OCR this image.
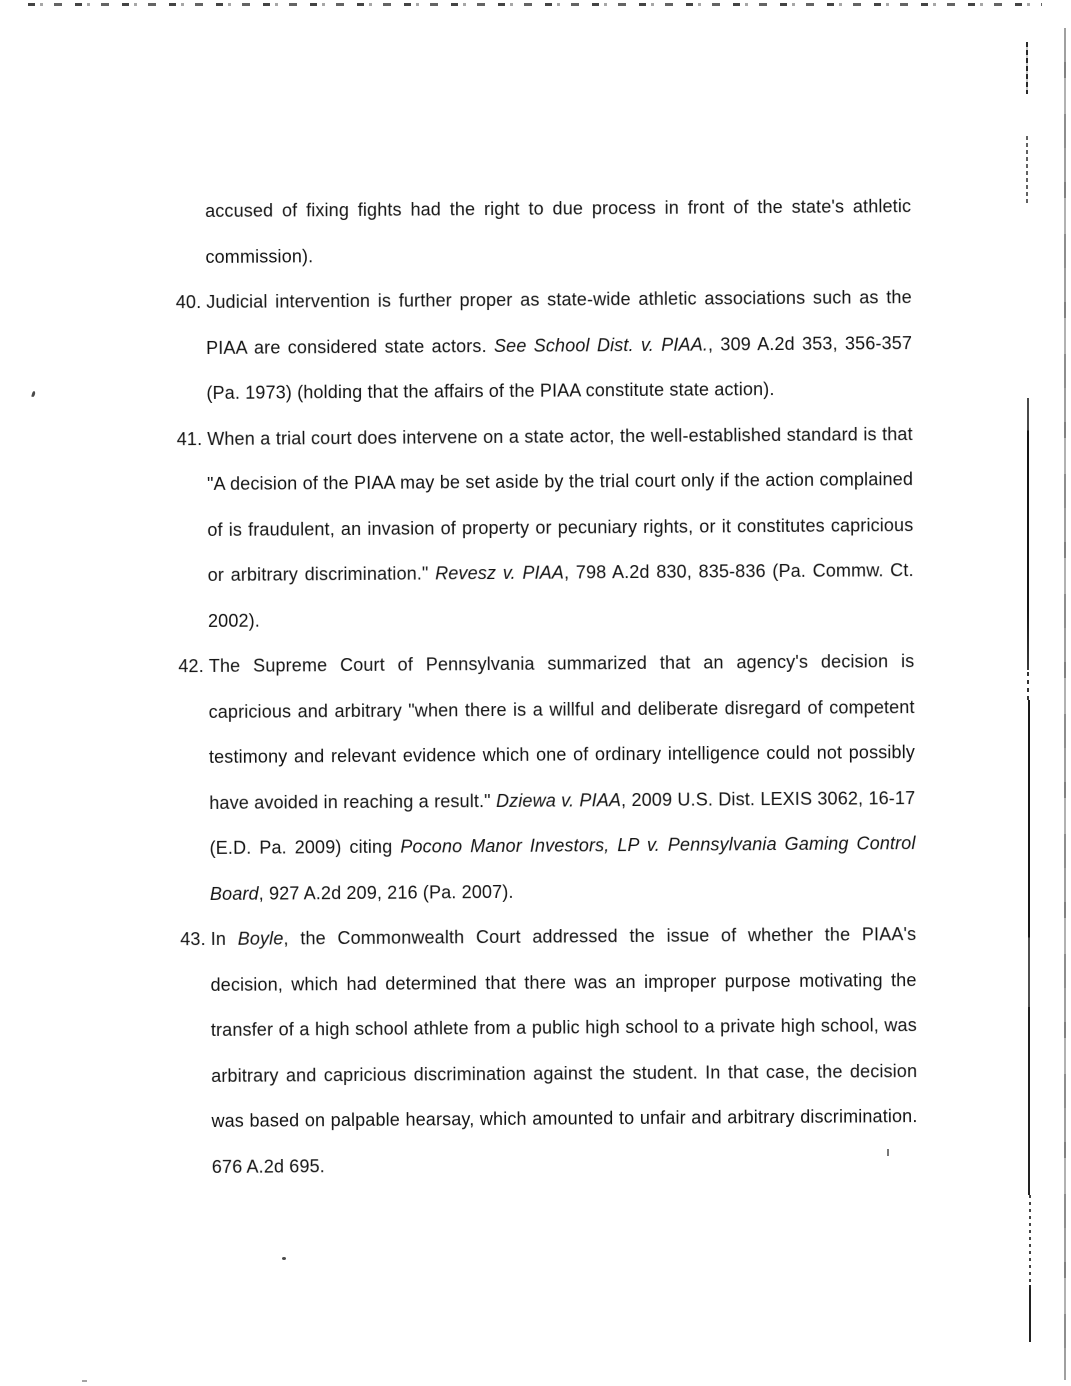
accused of fixing fights had the right to due process in front of the state's athletic commission).

40. Judicial intervention is further proper as state-wide athletic associations such as the PIAA are considered state actors. See School Dist. v. PIAA., 309 A.2d 353, 356-357 (Pa. 1973) (holding that the affairs of the PIAA constitute state action).

41. When a trial court does intervene on a state actor, the well-established standard is that "A decision of the PIAA may be set aside by the trial court only if the action complained of is fraudulent, an invasion of property or pecuniary rights, or it constitutes capricious or arbitrary discrimination." Revesz v. PIAA, 798 A.2d 830, 835-836 (Pa. Commw. Ct. 2002).

42. The Supreme Court of Pennsylvania summarized that an agency's decision is capricious and arbitrary "when there is a willful and deliberate disregard of competent testimony and relevant evidence which one of ordinary intelligence could not possibly have avoided in reaching a result." Dziewa v. PIAA, 2009 U.S. Dist. LEXIS 3062, 16-17 (E.D. Pa. 2009) citing Pocono Manor Investors, LP v. Pennsylvania Gaming Control Board, 927 A.2d 209, 216 (Pa. 2007).

43. In Boyle, the Commonwealth Court addressed the issue of whether the PIAA's decision, which had determined that there was an improper purpose motivating the transfer of a high school athlete from a public high school to a private high school, was arbitrary and capricious discrimination against the student. In that case, the decision was based on palpable hearsay, which amounted to unfair and arbitrary discrimination. 676 A.2d 695.
